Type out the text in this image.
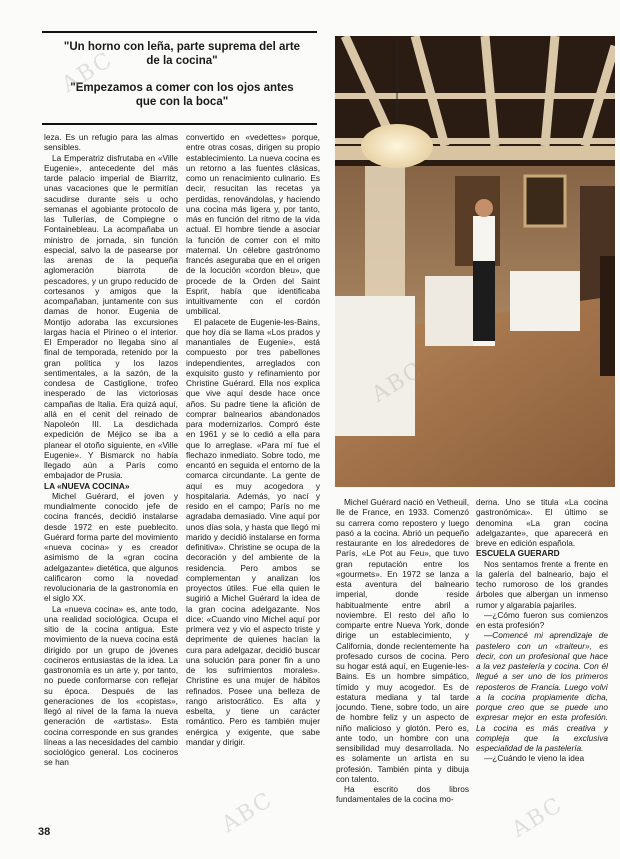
"Un horno con leña, parte suprema del arte
de la cocina"
"Empezamos a comer con los ojos antes
que con la boca"

leza. Es un refugio para las almas sensibles.

La Emperatriz disfrutaba en «Ville Eugenie», antecedente del más tarde palacio imperial de Biarritz, unas vacaciones que le permitían sacudirse durante seis u ocho semanas el agobiante protocolo de las Tullerías, de Compiegne o Fontainebleau. La acompañaba un ministro de jornada, sin función especial, salvo la de pasearse por las arenas de la pequeña aglomeración biarrota de pescadores, y un grupo reducido de cortesanos y amigos que la acompañaban, juntamente con sus damas de honor. Eugenia de Montijo adoraba las excursiones largas hacia el Pirineo o el interior. El Emperador no llegaba sino al final de temporada, retenido por la gran política y los lazos sentimentales, a la sazón, de la condesa de Castiglione, trofeo inesperado de las victoriosas campañas de Italia. Era quizá aquí, allá en el cenit del reinado de Napoleón III. La desdichada expedición de Méjico se iba a planear el otoño siguiente, en «Ville Eugenie». Y Bismarck no había llegado aún a París como embajador de Prusia.

LA «NUEVA COCINA»

Michel Guérard, el joven y mundialmente conocido jefe de cocina francés, decidió instalarse desde 1972 en este pueblecito. Guérard forma parte del movimiento «nueva cocina» y es creador asimismo de la «gran cocina adelgazante» dietética, que algunos calificaron como la novedad revolucionaria de la gastronomía en el siglo XX.

La «nueva cocina» es, ante todo, una realidad sociológica. Ocupa el sitio de la cocina antigua. Este movimiento de la nueva cocina está dirigido por un grupo de jóvenes cocineros entusiastas de la idea. La gastronomía es un arte y, por tanto, no puede conformarse con reflejar su época. Después de las generaciones de los «copistas», llegó al nivel de la fama la nueva generación de «artistas». Esta cocina corresponde en sus grandes líneas a las necesidades del cambio sociológico general. Los cocineros se han

convertido en «vedettes» porque, entre otras cosas, dirigen su propio establecimiento. La nueva cocina es un retorno a las fuentes clásicas, como un renacimiento culinario. Es decir, resucitan las recetas ya perdidas, renovándolas, y haciendo una cocina más ligera y, por tanto, más en función del ritmo de la vida actual. El hombre tiende a asociar la función de comer con el mito maternal. Un célebre gastrónomo francés aseguraba que en el origen de la locución «cordon bleu», que procede de la Orden del Saint Esprit, había que identificaba intuitivamente con el cordón umbilical.

El palacete de Eugenie-les-Bains, que hoy día se llama «Los prados y manantiales de Eugenie», está compuesto por tres pabellones independientes, arreglados con exquisito gusto y refinamiento por Christine Guérard. Ella nos explica que vive aquí desde hace once años. Su padre tiene la afición de comprar balnearios abandonados para modernizarlos. Compró éste en 1961 y se lo cedió a ella para que lo arreglase. «Para mí fue el flechazo inmediato. Sobre todo, me encantó en seguida el entorno de la comarca circundante. La gente de aquí es muy acogedora y hospitalaria. Además, yo nací y resido en el campo; París no me agradaba demasiado. Vine aquí por unos días sola, y hasta que llegó mi marido y decidió instalarse en forma definitiva». Christine se ocupa de la decoración y del ambiente de la residencia. Pero ambos se complementan y analizan los proyectos útiles. Fue ella quien le sugirió a Michel Guérard la idea de la gran cocina adelgazante. Nos dice: «Cuando vino Michel aquí por primera vez y vio el aspecto triste y deprimente de quienes hacían la cura para adelgazar, decidió buscar una solución para poner fin a uno de los sufrimientos morales». Christine es una mujer de hábitos refinados. Posee una belleza de rango aristocrático. Es alta y esbelta, y tiene un carácter romántico. Pero es también mujer enérgica y exigente, que sabe mandar y dirigir.

Michel Guérard nació en Vetheuil, Ile de France, en 1933. Comenzó su carrera como repostero y luego pasó a la cocina. Abrió un pequeño restaurante en los alrededores de París, «Le Pot au Feu», que tuvo gran reputación entre los «gourmets». En 1972 se lanza a esta aventura del balneario imperial, donde reside habitualmente entre abril a noviembre. El resto del año lo comparte entre Nueva York, donde dirige un establecimiento, y California, donde recientemente ha profesado cursos de cocina. Pero su hogar está aquí, en Eugenie-les-Bains. Es un hombre simpático, tímido y muy acogedor. Es de estatura mediana y tal tarde jocundo. Tiene, sobre todo, un aire de hombre feliz y un aspecto de niño malicioso y glotón. Pero es, ante todo, un hombre con una sensibilidad muy desarrollada. No es solamente un artista en su profesión. También pinta y dibuja con talento.

Ha escrito dos libros fundamentales de la cocina mo-

derna. Uno se titula «La cocina gastronómica». El último se denomina «La gran cocina adelgazante», que aparecerá en breve en edición española.

ESCUELA GUERARD

Nos sentamos frente a frente en la galería del balneario, bajo el techo rumoroso de los grandes árboles que albergan un inmenso rumor y algarabía pajariles.

—¿Cómo fueron sus comienzos en esta profesión?

—Comencé mi aprendizaje de pastelero con un «traiteur», es decir, con un profesional que hace a la vez pastelería y cocina. Con él llegué a ser uno de los primeros reposteros de Francia. Luego volví a la cocina propiamente dicha, porque creo que se puede uno expresar mejor en esta profesión. La cocina es más creativa y compleja que la exclusiva especialidad de la pastelería.

—¿Cuándo le vieno la idea

38
ABC
ABC
ABC	ABC
